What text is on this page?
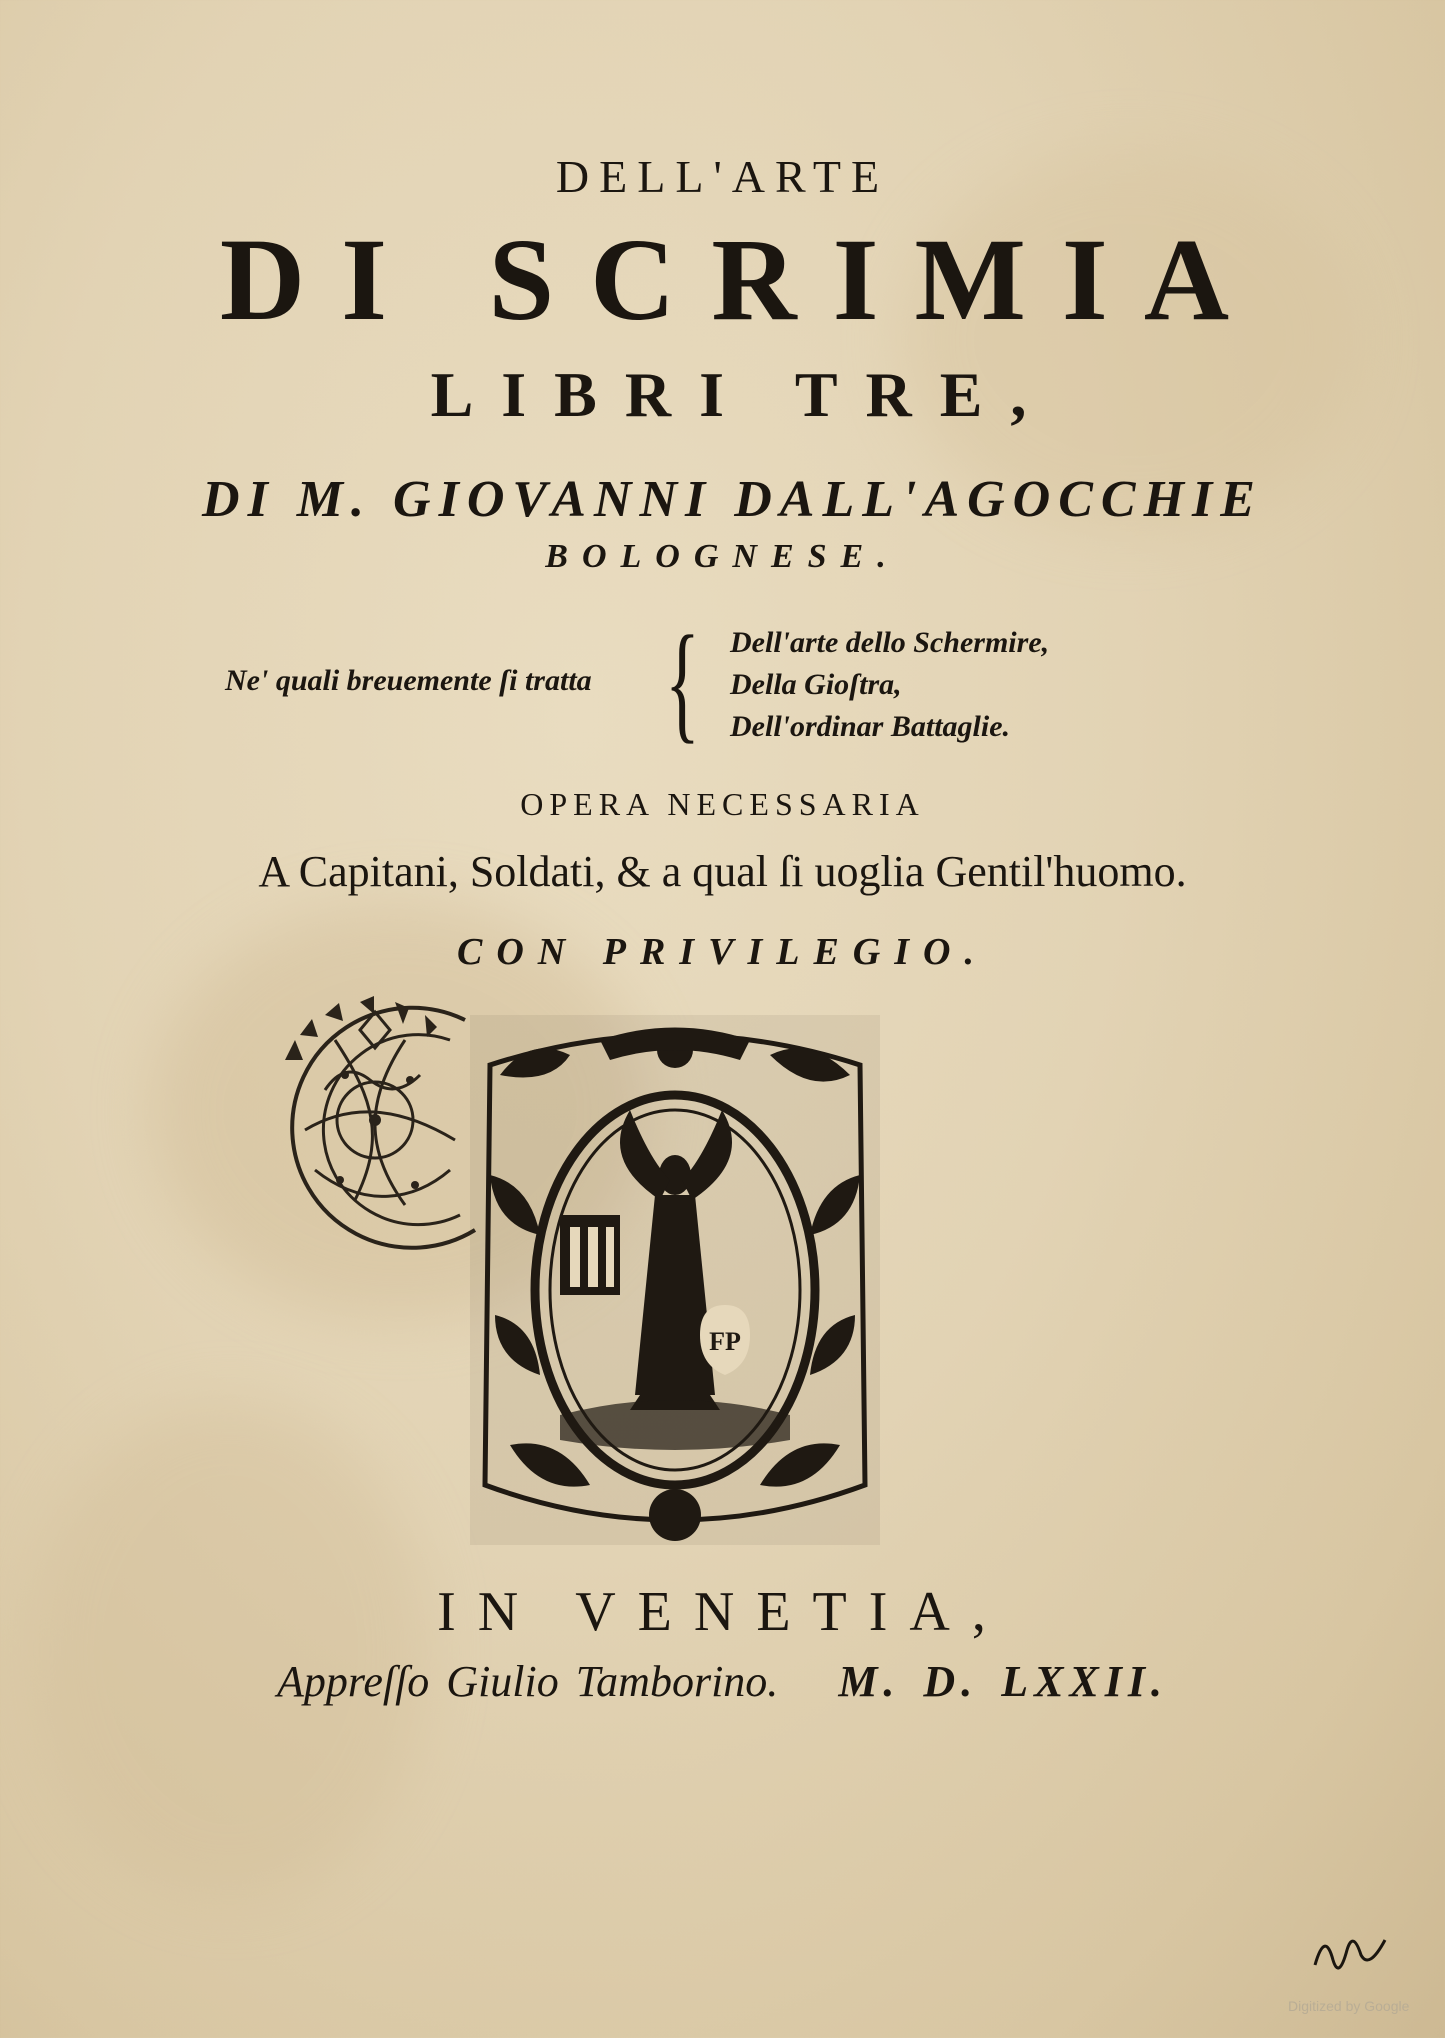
DELL'ARTE
DI SCRIMIA
LIBRI TRE,
DI M. GIOVANNI DALL'AGOCCHIE
BOLOGNESE.
Ne' quali breuemente ſi tratta { Dell'arte dello Schermire,
Della Gioſtra,
Dell'ordinar Battaglie.
OPERA NECESSARIA
A Capitani, Soldati, & a qual ſi uoglia Gentil'huomo.
CON PRIVILEGIO.
FP
IN VENETIA,
Appreſſo Giulio Tamborino. M. D. LXXII.
Digitized by Google
